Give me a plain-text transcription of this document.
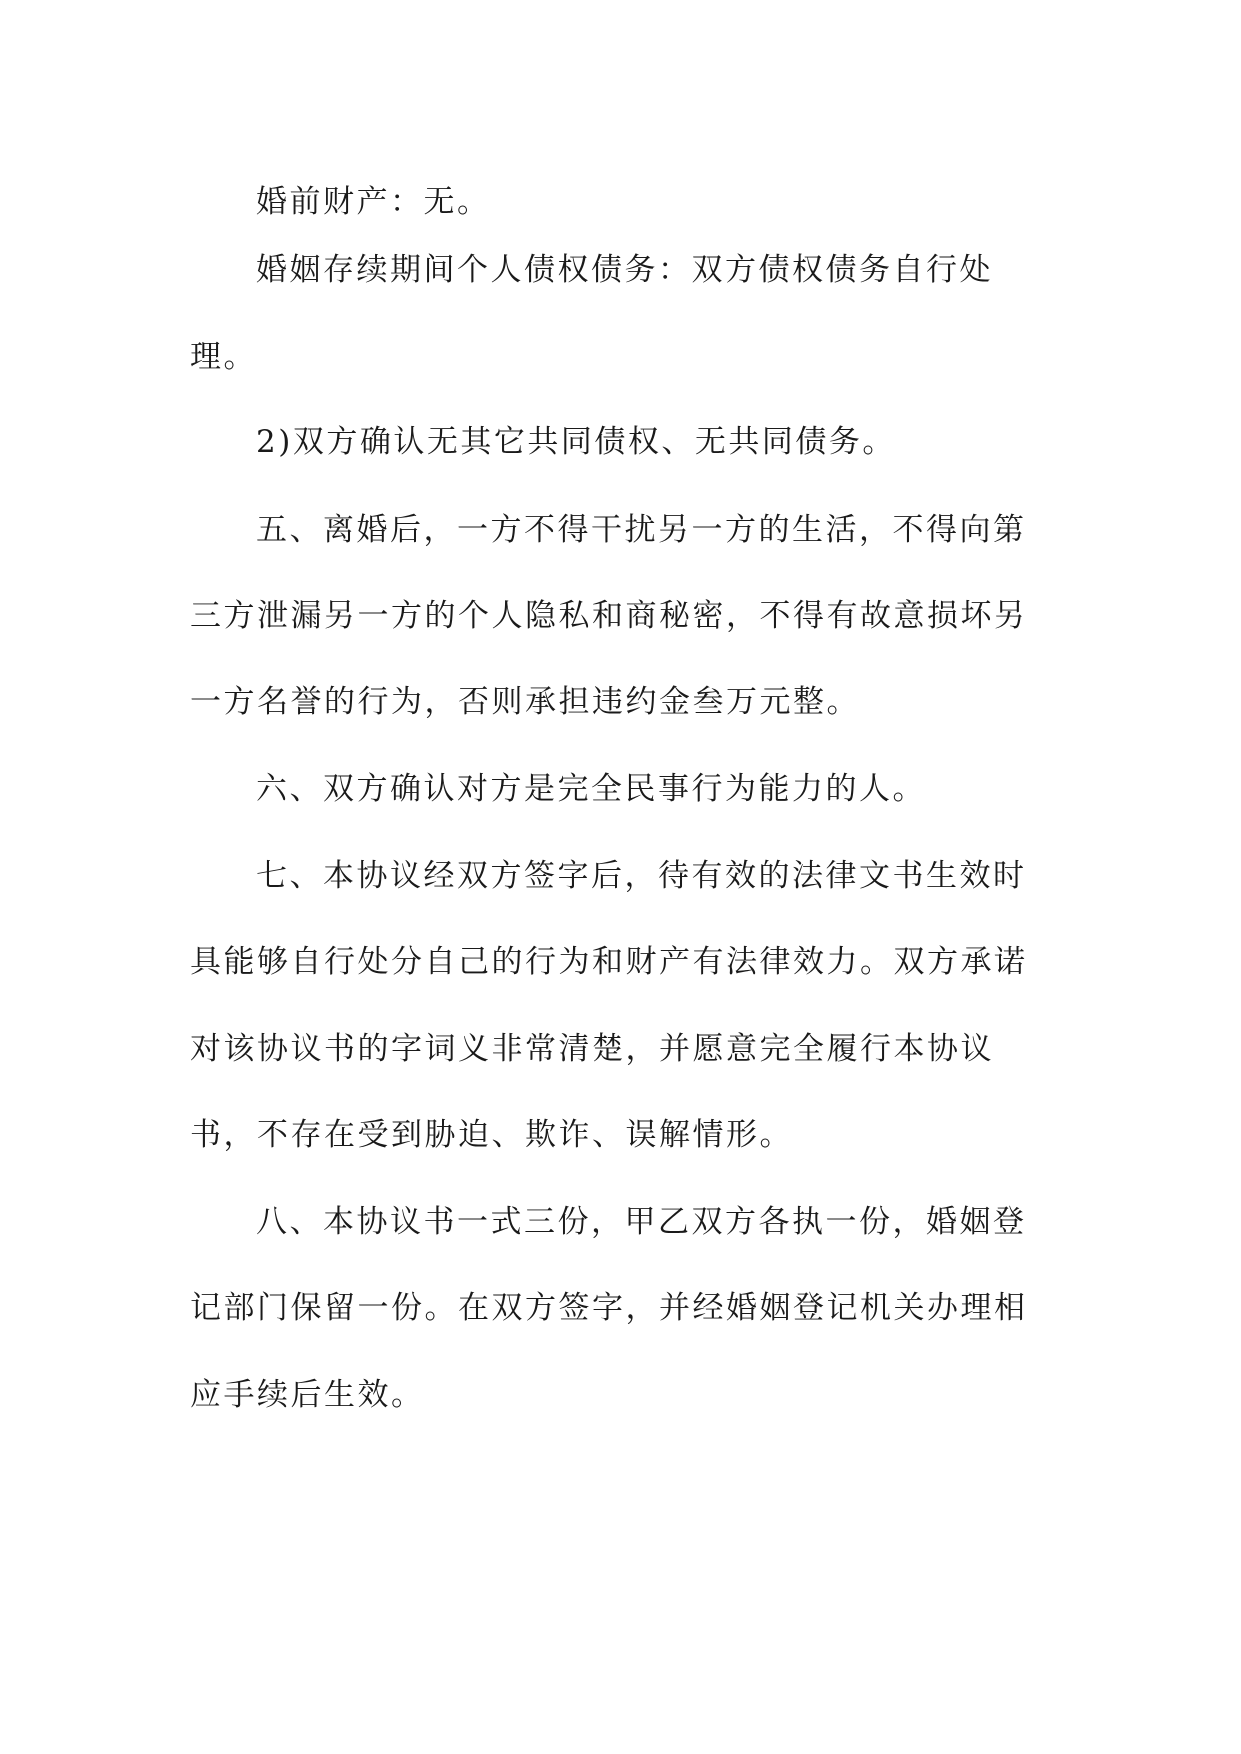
婚前财产：无。
婚姻存续期间个人债权债务：双方债权债务自行处
理。
2)双方确认无其它共同债权、无共同债务。
五、离婚后，一方不得干扰另一方的生活，不得向第
三方泄漏另一方的个人隐私和商秘密，不得有故意损坏另
一方名誉的行为，否则承担违约金叁万元整。
六、双方确认对方是完全民事行为能力的人。
七、本协议经双方签字后，待有效的法律文书生效时
具能够自行处分自己的行为和财产有法律效力。双方承诺
对该协议书的字词义非常清楚，并愿意完全履行本协议
书，不存在受到胁迫、欺诈、误解情形。
八、本协议书一式三份，甲乙双方各执一份，婚姻登
记部门保留一份。在双方签字，并经婚姻登记机关办理相
应手续后生效。
